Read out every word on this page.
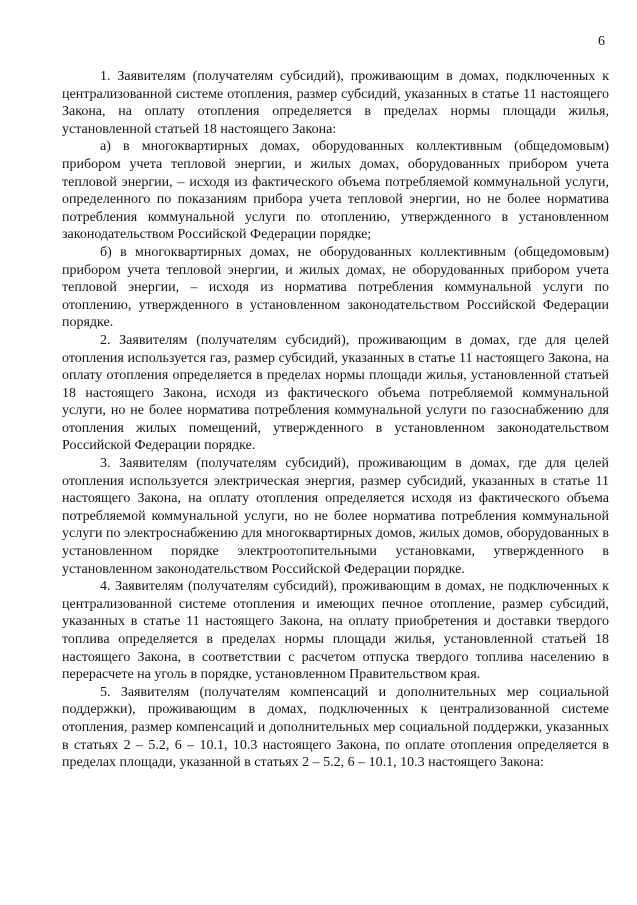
6

1. Заявителям (получателям субсидий), проживающим в домах, подключенных к централизованной системе отопления, размер субсидий, указанных в статье 11 настоящего Закона, на оплату отопления определяется в пределах нормы площади жилья, установленной статьей 18 настоящего Закона:

а) в многоквартирных домах, оборудованных коллективным (общедомовым) прибором учета тепловой энергии, и жилых домах, оборудованных прибором учета тепловой энергии, – исходя из фактического объема потребляемой коммунальной услуги, определенного по показаниям прибора учета тепловой энергии, но не более норматива потребления коммунальной услуги по отоплению, утвержденного в установленном законодательством Российской Федерации порядке;

б) в многоквартирных домах, не оборудованных коллективным (общедомовым) прибором учета тепловой энергии, и жилых домах, не оборудованных прибором учета тепловой энергии, – исходя из норматива потребления коммунальной услуги по отоплению, утвержденного в установленном законодательством Российской Федерации порядке.

2. Заявителям (получателям субсидий), проживающим в домах, где для целей отопления используется газ, размер субсидий, указанных в статье 11 настоящего Закона, на оплату отопления определяется в пределах нормы площади жилья, установленной статьей 18 настоящего Закона, исходя из фактического объема потребляемой коммунальной услуги, но не более норматива потребления коммунальной услуги по газоснабжению для отопления жилых помещений, утвержденного в установленном законодательством Российской Федерации порядке.

3. Заявителям (получателям субсидий), проживающим в домах, где для целей отопления используется электрическая энергия, размер субсидий, указанных в статье 11 настоящего Закона, на оплату отопления определяется исходя из фактического объема потребляемой коммунальной услуги, но не более норматива потребления коммунальной услуги по электроснабжению для многоквартирных домов, жилых домов, оборудованных в установленном порядке электроотопительными установками, утвержденного в установленном законодательством Российской Федерации порядке.

4. Заявителям (получателям субсидий), проживающим в домах, не подключенных к централизованной системе отопления и имеющих печное отопление, размер субсидий, указанных в статье 11 настоящего Закона, на оплату приобретения и доставки твердого топлива определяется в пределах нормы площади жилья, установленной статьей 18 настоящего Закона, в соответствии с расчетом отпуска твердого топлива населению в перерасчете на уголь в порядке, установленном Правительством края.

5. Заявителям (получателям компенсаций и дополнительных мер социальной поддержки), проживающим в домах, подключенных к централизованной системе отопления, размер компенсаций и дополнительных мер социальной поддержки, указанных в статьях 2 – 5.2, 6 – 10.1, 10.3 настоящего Закона, по оплате отопления определяется в пределах площади, указанной в статьях 2 – 5.2, 6 – 10.1, 10.3 настоящего Закона:
